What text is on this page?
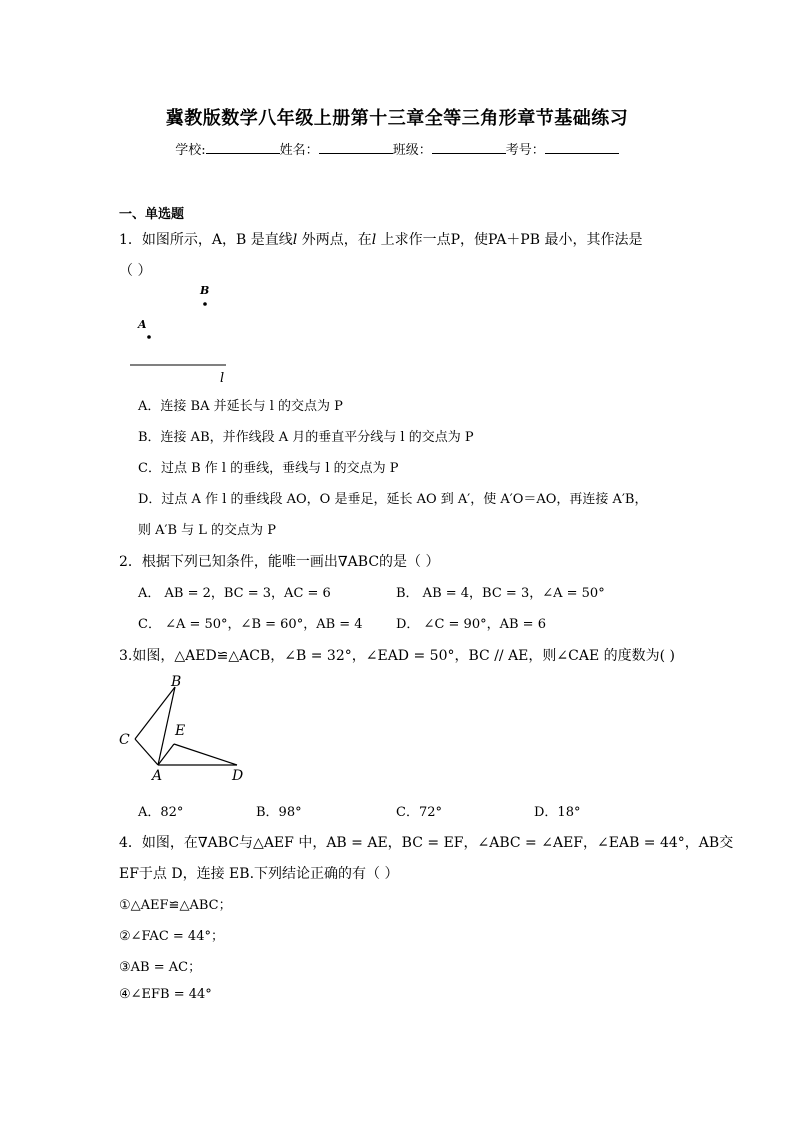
冀教版数学八年级上册第十三章全等三角形章节基础练习
学校:	姓名：	班级：	考号：
一、单选题
1．如图所示，A，B 是直线l 外两点，在l 上求作一点P，使PA＋PB 最小，其作法是
（ ）
B
A
l
A．连接 BA 并延长与 l 的交点为 P
B．连接 AB，并作线段 A 月的垂直平分线与 l 的交点为 P
C．过点 B 作 l 的垂线，垂线与 l 的交点为 P
D．过点 A 作 l 的垂线段 AO，O 是垂足，延长 AO 到 A′，使 A′O＝AO，再连接 A′B，
则 A′B 与 L 的交点为 P
2．根据下列已知条件，能唯一画出∇ABC的是（ ）
A． AB = 2，BC = 3，AC = 6	B． AB = 4，BC = 3，∠A = 50°
C． ∠A = 50°，∠B = 60°，AB = 4	D． ∠C = 90°，AB = 6
3.如图，△AED≌△ACB，∠B = 32°，∠EAD = 50°，BC // AE，则∠CAE 的度数为( )
B
C
E
A	D
A．82°	B．98°	C．72°	D．18°
4．如图，在∇ABC与△AEF 中，AB = AE，BC = EF，∠ABC = ∠AEF，∠EAB = 44°，AB交
EF于点 D，连接 EB.下列结论正确的有（ ）
①△AEF≌△ABC；
②∠FAC = 44°；
③AB = AC；
④∠EFB = 44°
